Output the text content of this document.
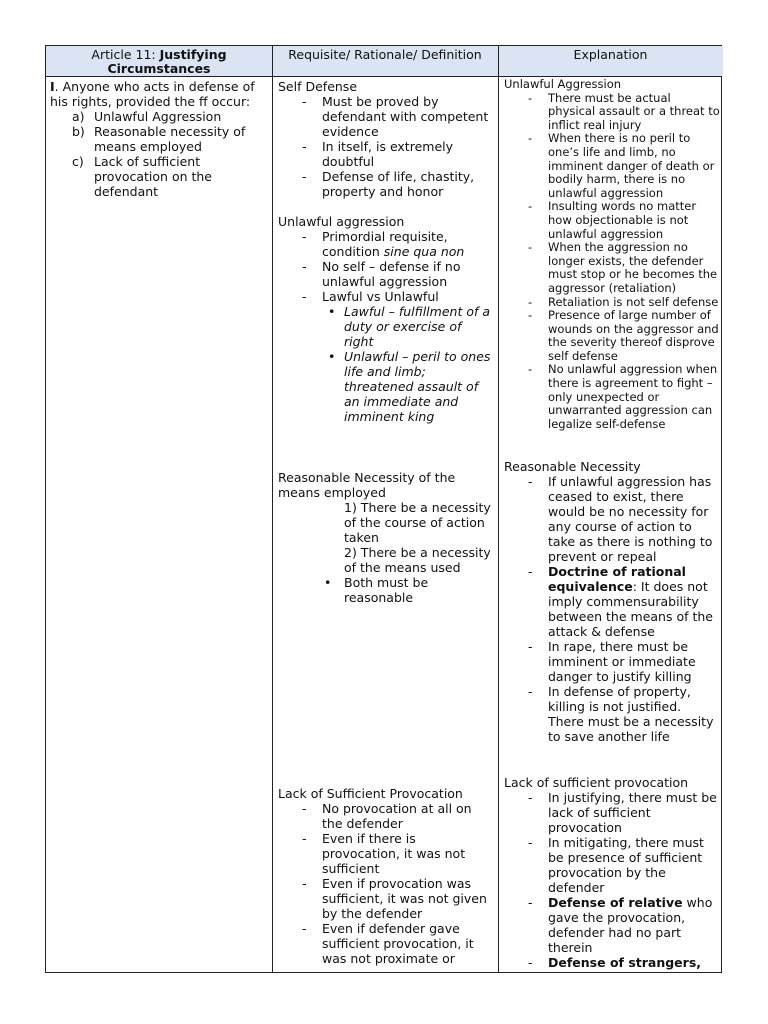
Article 11: Justifying Circumstances
Requisite/ Rationale/ Definition	Explanation
I. Anyone who acts in defense of his rights, provided the ff occur:
a) Unlawful Aggression
b) Reasonable necessity of means employed
c) Lack of sufficient provocation on the defendant
Self Defense
- Must be proved by defendant with competent evidence
- In itself, is extremely doubtful
- Defense of life, chastity, property and honor
Unlawful aggression
- Primordial requisite, condition sine qua non
- No self – defense if no unlawful aggression
- Lawful vs Unlawful
• Lawful – fulfillment of a duty or exercise of right
• Unlawful – peril to ones life and limb; threatened assault of an immediate and imminent king
Reasonable Necessity of the means employed
1) There be a necessity of the course of action taken
2) There be a necessity of the means used
• Both must be reasonable
Lack of Sufficient Provocation
- No provocation at all on the defender
- Even if there is provocation, it was not sufficient
- Even if provocation was sufficient, it was not given by the defender
- Even if defender gave sufficient provocation, it was not proximate or
Unlawful Aggression
- There must be actual physical assault or a threat to inflict real injury
- When there is no peril to one’s life and limb, no imminent danger of death or bodily harm, there is no unlawful aggression
- Insulting words no matter how objectionable is not unlawful aggression
- When the aggression no longer exists, the defender must stop or he becomes the aggressor (retaliation)
- Retaliation is not self defense
- Presence of large number of wounds on the aggressor and the severity thereof disprove self defense
- No unlawful aggression when there is agreement to fight – only unexpected or unwarranted aggression can legalize self-defense
Reasonable Necessity
- If unlawful aggression has ceased to exist, there would be no necessity for any course of action to take as there is nothing to prevent or repeal
- Doctrine of rational equivalence: It does not imply commensurability between the means of the attack & defense
- In rape, there must be imminent or immediate danger to justify killing
- In defense of property, killing is not justified. There must be a necessity to save another life
Lack of sufficient provocation
- In justifying, there must be lack of sufficient provocation
- In mitigating, there must be presence of sufficient provocation by the defender
- Defense of relative who gave the provocation, defender had no part therein
- Defense of strangers,
